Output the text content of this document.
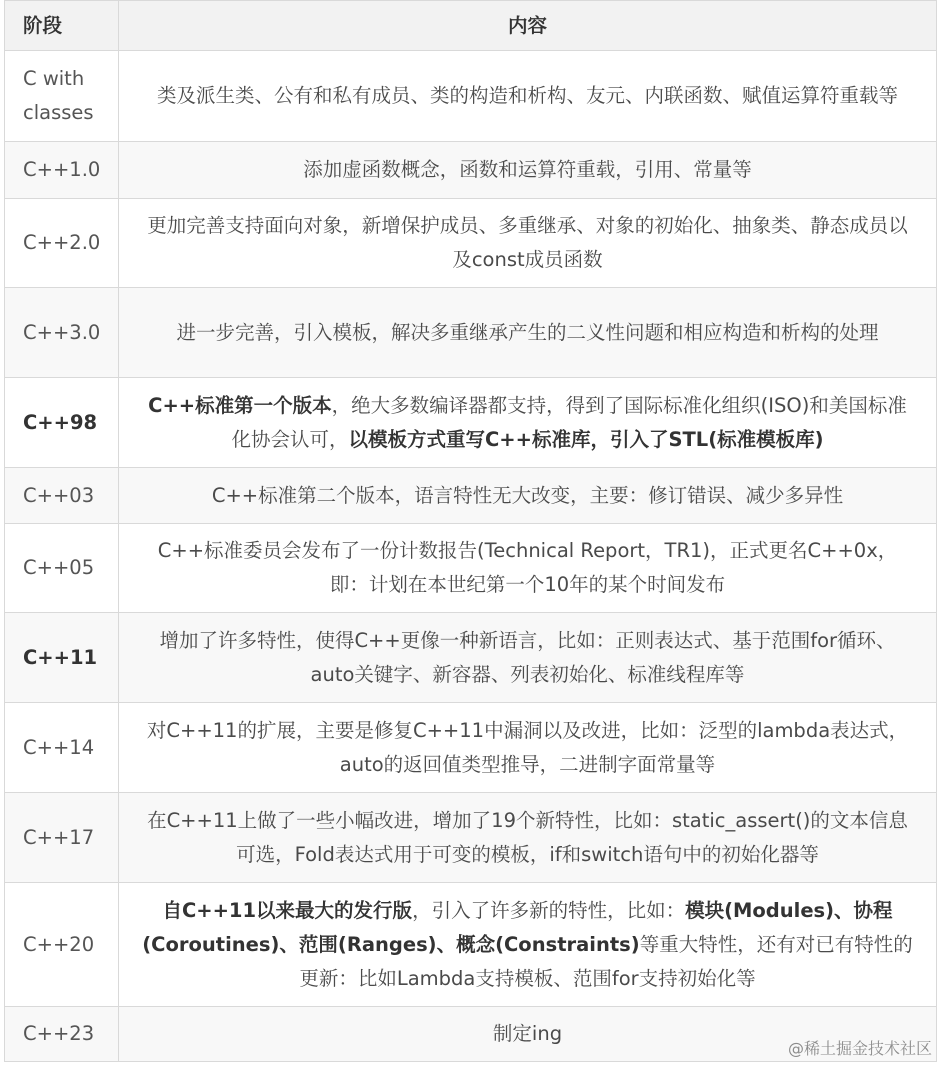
阶段	内容
C with classes	类及派生类、公有和私有成员、类的构造和析构、友元、内联函数、赋值运算符重载等
C++1.0	添加虚函数概念，函数和运算符重载，引用、常量等
C++2.0	更加完善支持面向对象，新增保护成员、多重继承、对象的初始化、抽象类、静态成员以及const成员函数
C++3.0	进一步完善，引入模板，解决多重继承产生的二义性问题和相应构造和析构的处理
C++98	C++标准第一个版本，绝大多数编译器都支持，得到了国际标准化组织(ISO)和美国标准化协会认可，以模板方式重写C++标准库，引入了STL(标准模板库)
C++03	C++标准第二个版本，语言特性无大改变，主要：修订错误、减少多异性
C++05	C++标准委员会发布了一份计数报告(Technical Report，TR1)，正式更名C++0x，即：计划在本世纪第一个10年的某个时间发布
C++11	增加了许多特性，使得C++更像一种新语言，比如：正则表达式、基于范围for循环、auto关键字、新容器、列表初始化、标准线程库等
C++14	对C++11的扩展，主要是修复C++11中漏洞以及改进，比如：泛型的lambda表达式，auto的返回值类型推导，二进制字面常量等
C++17	在C++11上做了一些小幅改进，增加了19个新特性，比如：static_assert()的文本信息可选，Fold表达式用于可变的模板，if和switch语句中的初始化器等
C++20	自C++11以来最大的发行版，引入了许多新的特性，比如：模块(Modules)、协程(Coroutines)、范围(Ranges)、概念(Constraints)等重大特性，还有对已有特性的更新：比如Lambda支持模板、范围for支持初始化等
C++23	制定ing
@稀土掘金技术社区
